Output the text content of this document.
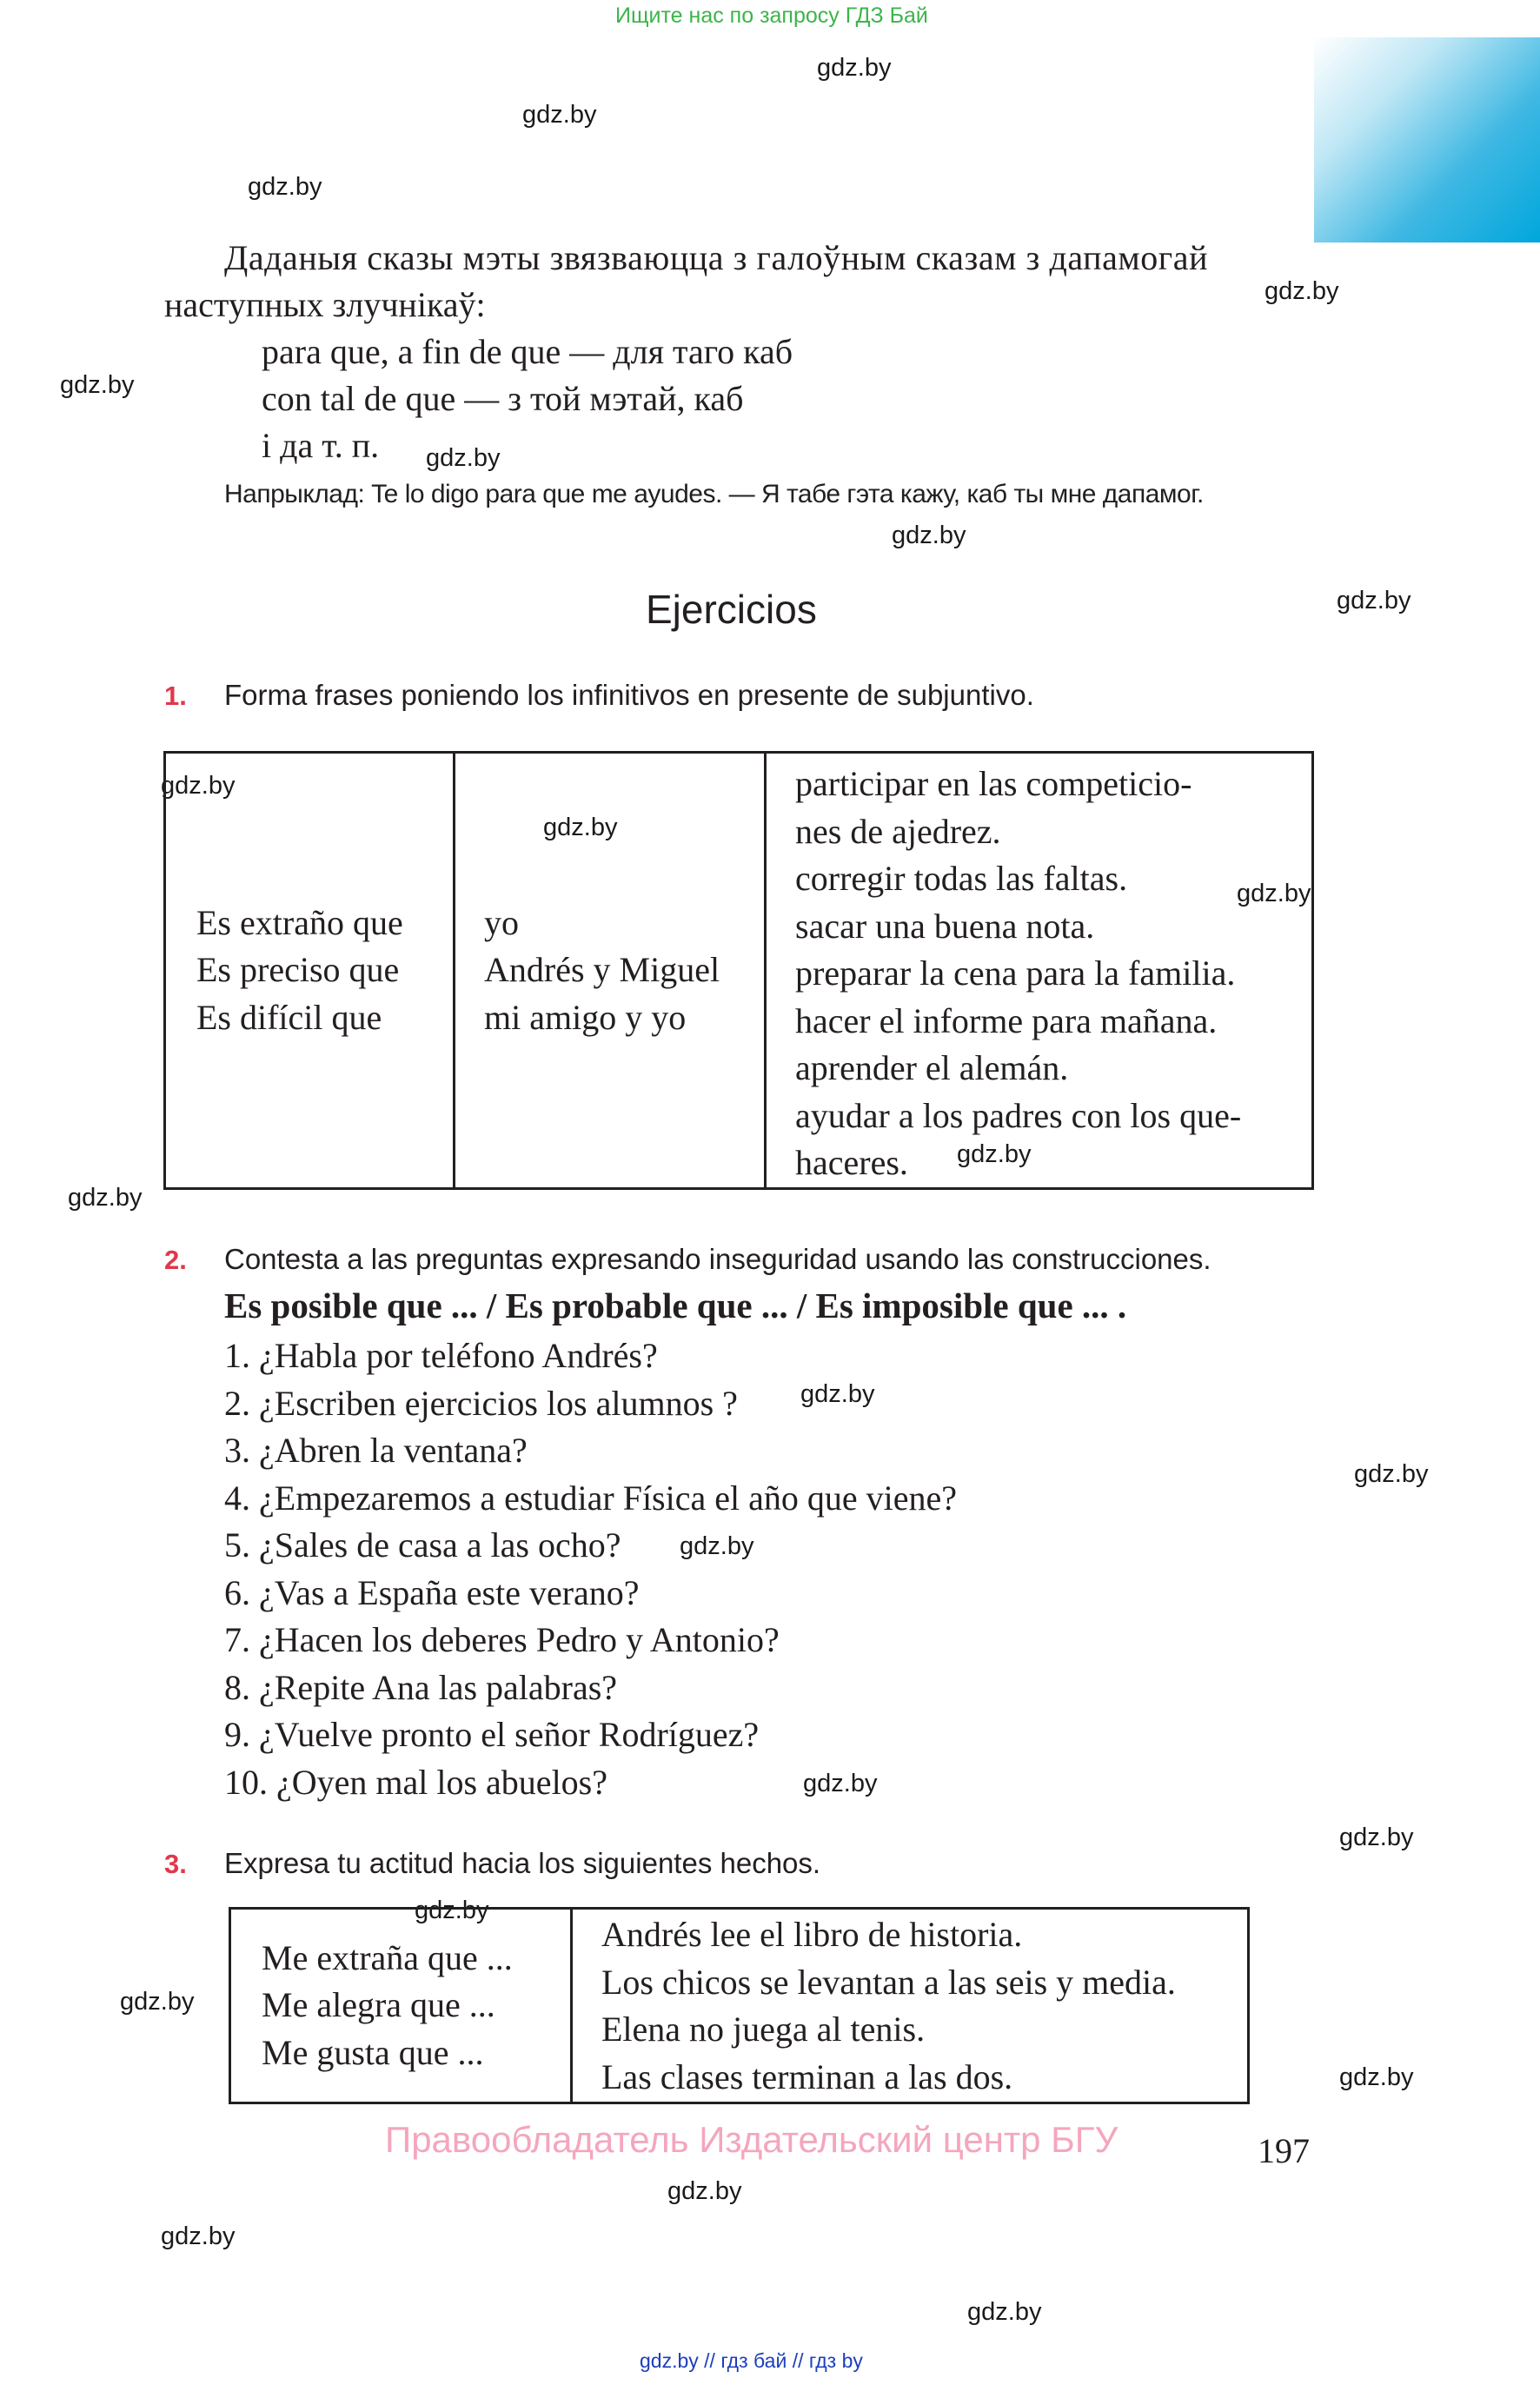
Ищите нас по запросу ГДЗ Бай
gdz.by
gdz.by
gdz.by
gdz.by
gdz.by
gdz.by
gdz.by
gdz.by
gdz.by
gdz.by
gdz.by
gdz.by
gdz.by
gdz.by
gdz.by
gdz.by
gdz.by
gdz.by
gdz.by
gdz.by
gdz.by
gdz.by
gdz.by
gdz.by
Даданыя сказы мэты звязваюцца з галоўным сказам з дапамогай
наступных злучнікаў:
para que, a fin de que — для таго каб
con tal de que — з той мэтай, каб
і да т. п.
Напрыклад: Te lo digo para que me ayudes. — Я табе гэта кажу, каб ты мне дапамог.
Ejercicios
1. Forma frases poniendo los infinitivos en presente de subjuntivo.
Es extraño que
Es preciso que
Es difícil que

yo
Andrés y Miguel
mi amigo y yo

participar en las competicio-
nes de ajedrez.
corregir todas las faltas.
sacar una buena nota.
preparar la cena para la familia.
hacer el informe para mañana.
aprender el alemán.
ayudar a los padres con los que-
haceres.
2. Contesta a las preguntas expresando inseguridad usando las construcciones.
Es posible que ... / Es probable que ... / Es imposible que ... .
1. ¿Habla por teléfono Andrés?
2. ¿Escriben ejercicios los alumnos ?
3. ¿Abren la ventana?
4. ¿Empezaremos a estudiar Física el año que viene?
5. ¿Sales de casa a las ocho?
6. ¿Vas a España este verano?
7. ¿Hacen los deberes Pedro y Antonio?
8. ¿Repite Ana las palabras?
9. ¿Vuelve pronto el señor Rodríguez?
10. ¿Oyen mal los abuelos?
3. Expresa tu actitud hacia los siguientes hechos.
Me extraña que ...
Me alegra que ...
Me gusta que ...

Andrés lee el libro de historia.
Los chicos se levantan a las seis y media.
Elena no juega al tenis.
Las clases terminan a las dos.
Правообладатель Издательский центр БГУ	197
gdz.by // гдз бай // гдз by
